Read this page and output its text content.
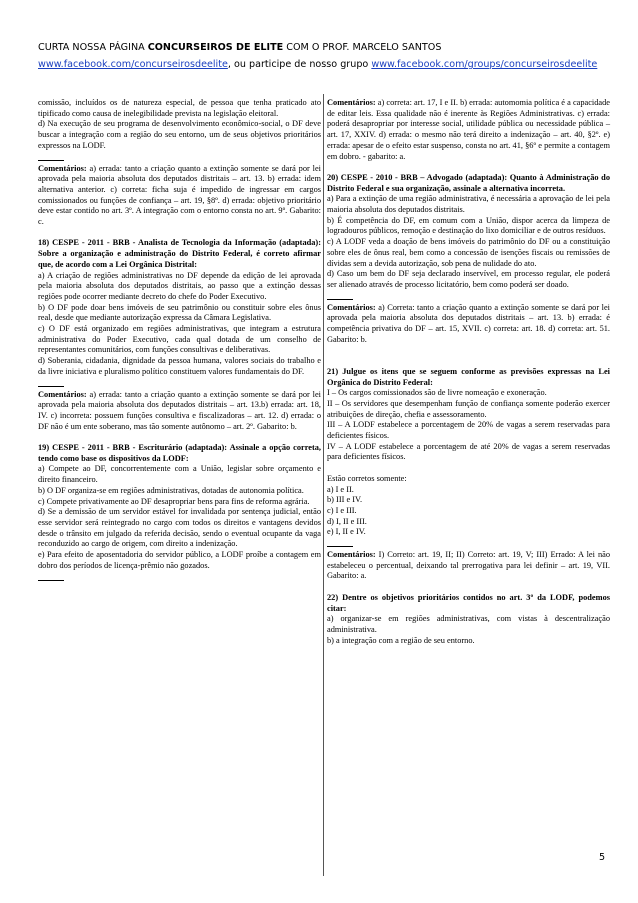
CURTA NOSSA PÁGINA CONCURSEIROS DE ELITE COM O PROF. MARCELO SANTOS
www.facebook.com/concurseirosdeelite, ou participe de nosso grupo www.facebook.com/groups/concurseirosdeelite

comissão, incluídos os de natureza especial, de pessoa que tenha praticado ato tipificado como causa de inelegibilidade prevista na legislação eleitoral.

d) Na execução de seu programa de desenvolvimento econômico-social, o DF deve buscar a integração com a região do seu entorno, um de seus objetivos prioritários expressos na LODF.

Comentários: a) errada: tanto a criação quanto a extinção somente se dará por lei aprovada pela maioria absoluta dos deputados distritais – art. 13. b) errada: idem alternativa anterior. c) correta: ficha suja é impedido de ingressar em cargos comissionados ou funções de confiança – art. 19, §8º. d) errada: objetivo prioritário deve estar contido no art. 3º. A integração com o entorno consta no art. 9º. Gabarito: c.

18) CESPE - 2011 - BRB - Analista de Tecnologia da Informação (adaptada): Sobre a organização e administração do Distrito Federal, é correto afirmar que, de acordo com a Lei Orgânica Distrital:

a) A criação de regiões administrativas no DF depende da edição de lei aprovada pela maioria absoluta dos deputados distritais, ao passo que a extinção dessas regiões pode ocorrer mediante decreto do chefe do Poder Executivo.

b) O DF pode doar bens imóveis de seu patrimônio ou constituir sobre eles ônus real, desde que mediante autorização expressa da Câmara Legislativa.

c) O DF está organizado em regiões administrativas, que integram a estrutura administrativa do Poder Executivo, cada qual dotada de um conselho de representantes comunitários, com funções consultivas e deliberativas.

d) Soberania, cidadania, dignidade da pessoa humana, valores sociais do trabalho e da livre iniciativa e pluralismo político constituem valores fundamentais do DF.

Comentários: a) errada: tanto a criação quanto a extinção somente se dará por lei aprovada pela maioria absoluta dos deputados distritais – art. 13.b) errada: art. 18, IV. c) incorreta: possuem funções consultiva e fiscalizadoras – art. 12. d) errada: o DF não é um ente soberano, mas tão somente autônomo – art. 2º. Gabarito: b.

19) CESPE - 2011 - BRB - Escriturário (adaptada): Assinale a opção correta, tendo como base os dispositivos da LODF:

a) Compete ao DF, concorrentemente com a União, legislar sobre orçamento e direito financeiro.

b) O DF organiza-se em regiões administrativas, dotadas de autonomia política.

c) Compete privativamente ao DF desapropriar bens para fins de reforma agrária.

d) Se a demissão de um servidor estável for invalidada por sentença judicial, então esse servidor será reintegrado no cargo com todos os direitos e vantagens devidos desde o trânsito em julgado da referida decisão, sendo o eventual ocupante da vaga reconduzido ao cargo de origem, com direito a indenização.

e) Para efeito de aposentadoria do servidor público, a LODF proíbe a contagem em dobro dos períodos de licença-prêmio não gozados.

Comentários: a) correta: art. 17, I e II. b) errada: automomia política é a capacidade de editar leis. Essa qualidade não é inerente às Regiões Administrativas. c) errada: poderá desapropriar por interesse social, utilidade pública ou necessidade pública – art. 17, XXIV. d) errada: o mesmo não terá direito a indenização – art. 40, §2º. e) errada: apesar de o efeito estar suspenso, consta no art. 41, §6º e permite a contagem em dobro. - gabarito: a.

20) CESPE - 2010 - BRB – Advogado (adaptada): Quanto à Administração do Distrito Federal e sua organização, assinale a alternativa incorreta.

a) Para a extinção de uma região administrativa, é necessária a aprovação de lei pela maioria absoluta dos deputados distritais.

b) É competência do DF, em comum com a União, dispor acerca da limpeza de logradouros públicos, remoção e destinação do lixo domiciliar e de outros resíduos.

c) A LODF veda a doação de bens imóveis do patrimônio do DF ou a constituição sobre eles de ônus real, bem como a concessão de isenções fiscais ou remissões de dívidas sem a devida autorização, sob pena de nulidade do ato.

d) Caso um bem do DF seja declarado inservível, em processo regular, ele poderá ser alienado através de processo licitatório, bem como poderá ser doado.

Comentários: a) Correta: tanto a criação quanto a extinção somente se dará por lei aprovada pela maioria absoluta dos deputados distritais – art. 13. b) errada: é competência privativa do DF – art. 15, XVII. c) correta: art. 18. d) correta: art. 51. Gabarito: b.

21) Julgue os itens que se seguem conforme as previsões expressas na Lei Orgânica do Distrito Federal:

I – Os cargos comissionados são de livre nomeação e exoneração.

II – Os servidores que desempenham função de confiança somente poderão exercer atribuições de direção, chefia e assessoramento.

III – A LODF estabelece a porcentagem de 20% de vagas a serem reservadas para deficientes físicos.

IV – A LODF estabelece a porcentagem de até 20% de vagas a serem reservadas para deficientes físicos.

Estão corretos somente:

a) I e II.

b) III e IV.

c) I e III.

d) I, II e III.

e) I, II e IV.

Comentários: I) Correto: art. 19, II; II) Correto: art. 19, V; III) Errado: A lei não estabeleceu o percentual, deixando tal prerrogativa para lei definir – art. 19, VII. Gabarito: a.

22) Dentre os objetivos prioritários contidos no art. 3º da LODF, podemos citar:

a) organizar-se em regiões administrativas, com vistas à descentralização administrativa.

b) a integração com a região de seu entorno.

5
